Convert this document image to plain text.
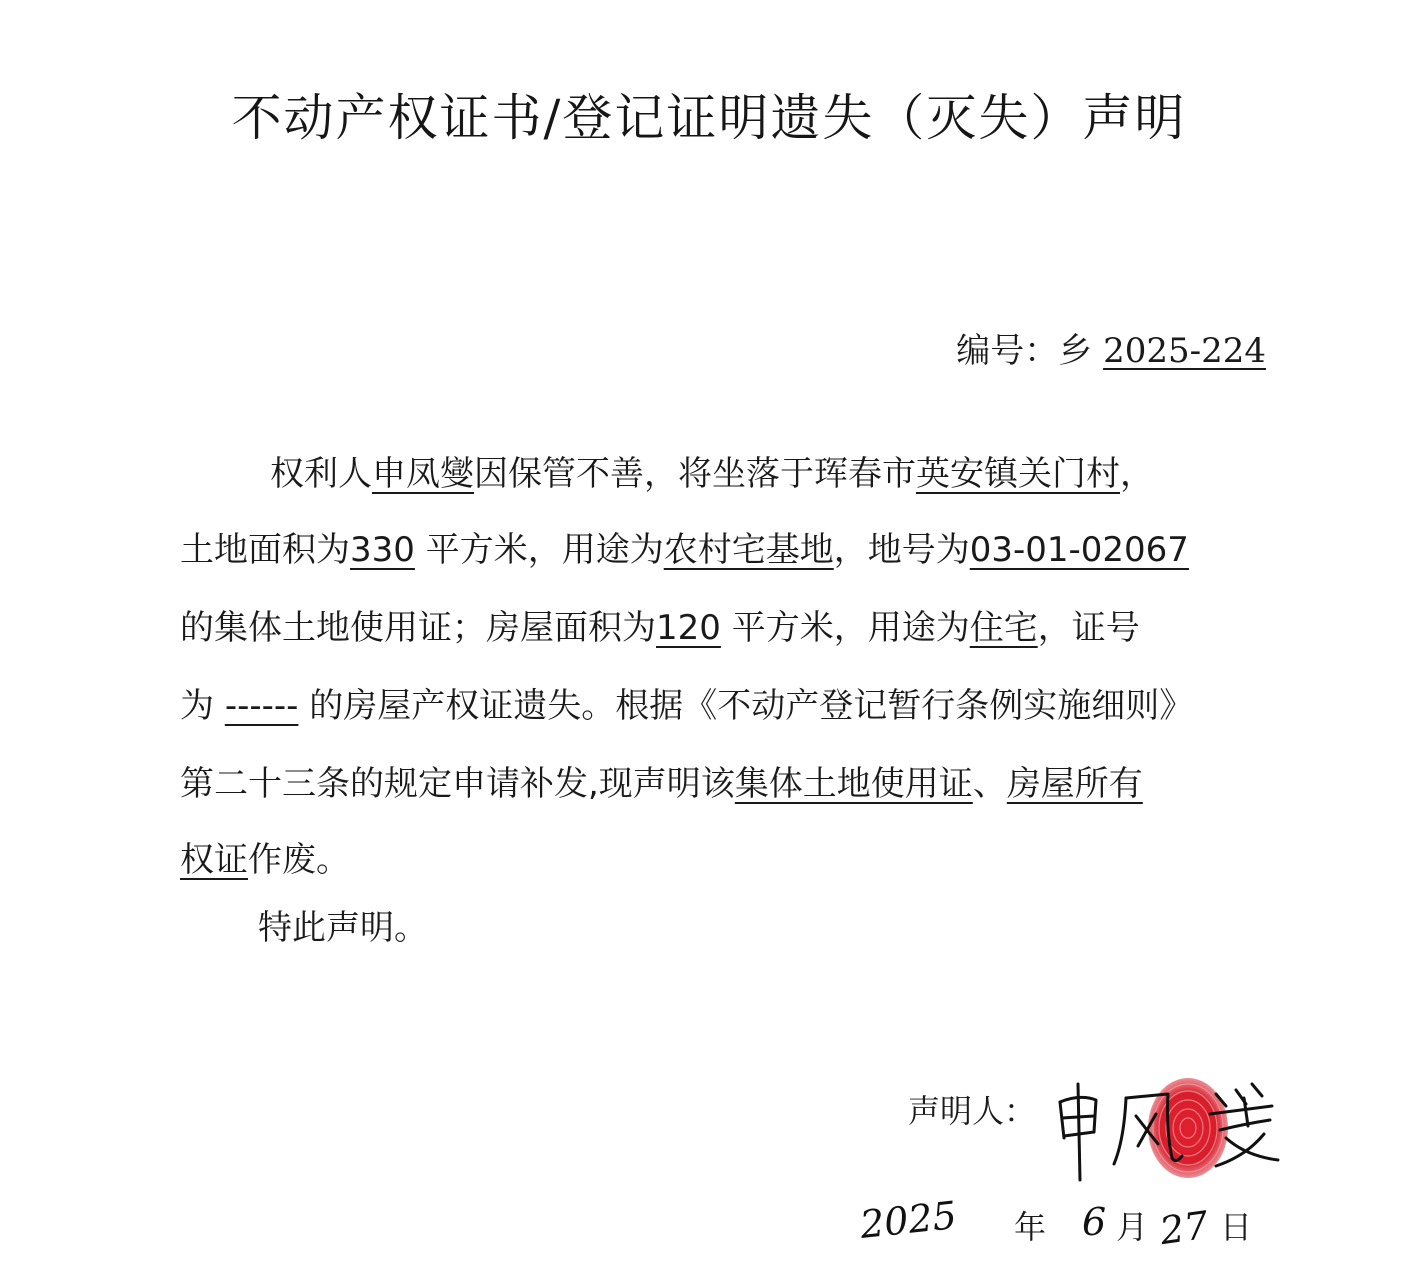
不动产权证书/登记证明遗失（灭失）声明
编号：乡 2025-224
权利人申凤燮因保管不善，将坐落于珲春市英安镇关门村，
土地面积为330 平方米，用途为农村宅基地，地号为03-01-02067
的集体土地使用证；房屋面积为120 平方米，用途为住宅，证号
为 ------ 的房屋产权证遗失。根据《不动产登记暂行条例实施细则》
第二十三条的规定申请补发,现声明该集体土地使用证、房屋所有
权证作废。
特此声明。
声明人：
申凤燮
2025 年 6 月 27 日
